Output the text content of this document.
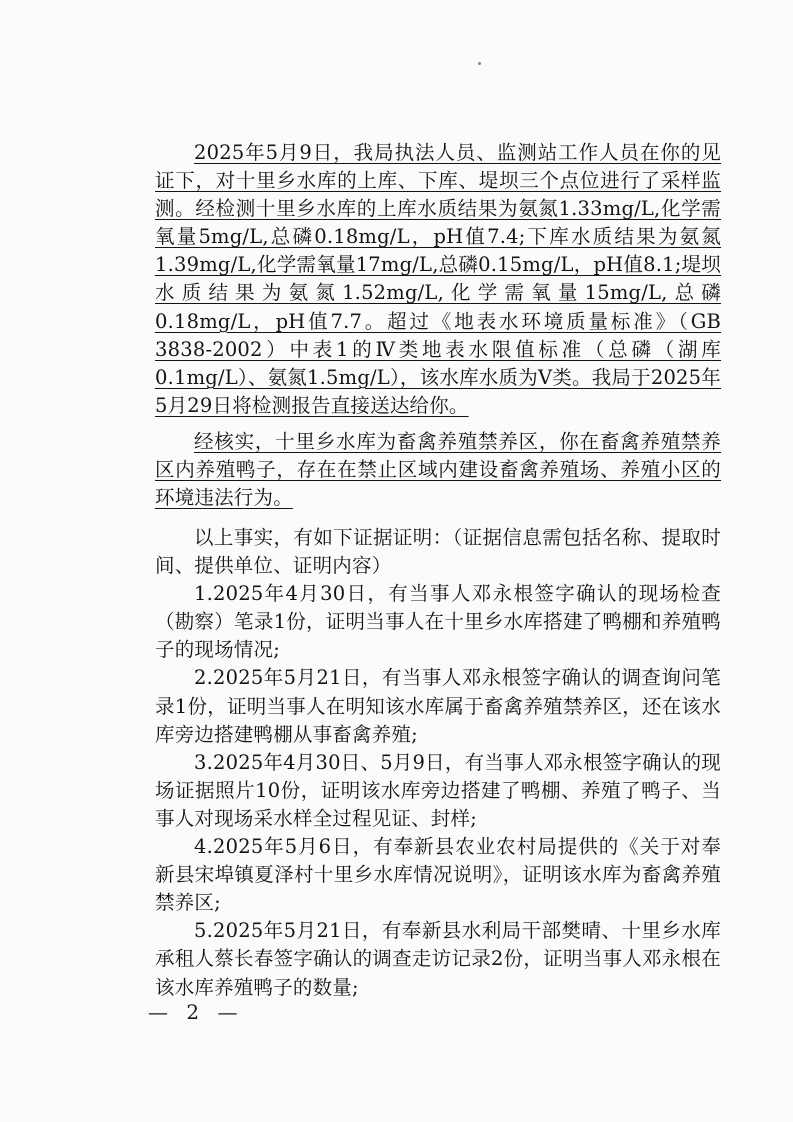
2025年5月9日，我局执法人员、监测站工作人员在你的见证下，对十里乡水库的上库、下库、堤坝三个点位进行了采样监测。经检测十里乡水库的上库水质结果为氨氮1.33mg/L,化学需氧量5mg/L,总磷0.18mg/L，pH值7.4;下库水质结果为氨氮1.39mg/L,化学需氧量17mg/L,总磷0.15mg/L，pH值8.1;堤坝水质结果为氨氮1.52mg/L,化学需氧量15mg/L,总磷0.18mg/L，pH值7.7。超过《地表水环境质量标准》（GB 3838-2002）中表1的Ⅳ类地表水限值标准（总磷（湖库0.1mg/L）、氨氮1.5mg/L），该水库水质为Ⅴ类。我局于2025年5月29日将检测报告直接送达给你。

经核实，十里乡水库为畜禽养殖禁养区，你在畜禽养殖禁养区内养殖鸭子，存在在禁止区域内建设畜禽养殖场、养殖小区的环境违法行为。

以上事实，有如下证据证明：（证据信息需包括名称、提取时间、提供单位、证明内容）

1.2025年4月30日，有当事人邓永根签字确认的现场检查（勘察）笔录1份，证明当事人在十里乡水库搭建了鸭棚和养殖鸭子的现场情况;
2.2025年5月21日，有当事人邓永根签字确认的调查询问笔录1份，证明当事人在明知该水库属于畜禽养殖禁养区，还在该水库旁边搭建鸭棚从事畜禽养殖;
3.2025年4月30日、5月9日，有当事人邓永根签字确认的现场证据照片10份，证明该水库旁边搭建了鸭棚、养殖了鸭子、当事人对现场采水样全过程见证、封样;
4.2025年5月6日，有奉新县农业农村局提供的《关于对奉新县宋埠镇夏泽村十里乡水库情况说明》，证明该水库为畜禽养殖禁养区;
5.2025年5月21日，有奉新县水利局干部樊晴、十里乡水库承租人蔡长春签字确认的调查走访记录2份，证明当事人邓永根在该水库养殖鸭子的数量;
— 2 —
